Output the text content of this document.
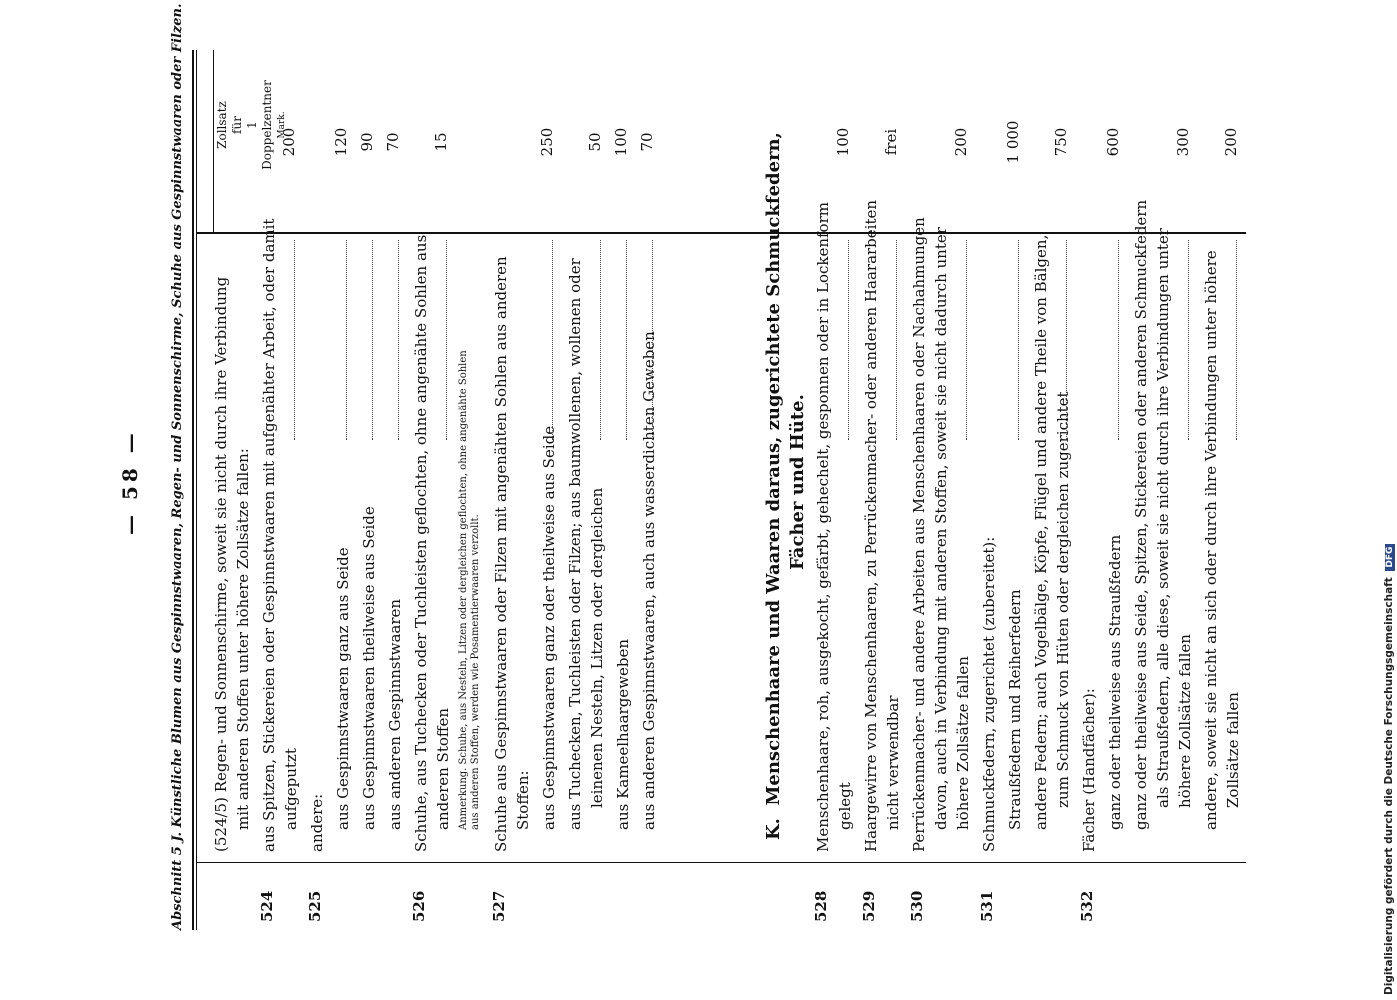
— 58 — Abschnitt 5 J. Künstliche Blumen aus Gespinnstwaaren, Regen- und Sonnenschirme, Schuhe aus Gespinnstwaaren oder Filzen.	Zollsatz für 1 Doppelzentner Mark.
(524/5) Regen- und Sonnenschirme, soweit sie nicht durch ihre Verbindung mit anderen Stoffen unter höhere Zollsätze fallen:
524
aus Spitzen, Stickereien oder Gespinnstwaaren mit aufgenähter Arbeit, oder damit aufgeputzt
200
525
andere: aus Gespinnstwaaren ganz aus Seide
120
aus Gespinnstwaaren theilweise aus Seide
90
aus anderen Gespinnstwaaren
70
526
Schuhe, aus Tuchecken oder Tuchleisten geflochten, ohne angenähte Sohlen aus anderen Stoffen
15
Anmerkung. Schuhe, aus Nesteln, Litzen oder dergleichen geflochten, ohne angenähte Sohlen aus anderen Stoffen, werden wie Posamentierwaaren verzollt.
527
Schuhe aus Gespinnstwaaren oder Filzen mit angenähten Sohlen aus anderen Stoffen: aus Gespinnstwaaren ganz oder theilweise aus Seide
250
aus Tuchecken, Tuchleisten oder Filzen; aus baumwollenen, wollenen oder leinenen Nesteln, Litzen oder dergleichen
50
aus Kameelhaargeweben
100
aus anderen Gespinnstwaaren, auch aus wasserdichten Geweben
70
K.  Menschenhaare und Waaren daraus, zugerichtete Schmuckfedern, Fächer und Hüte.
528
Menschenhaare, roh, ausgekocht, gefärbt, gehechelt, gesponnen oder in Lockenform gelegt
100
529
Haargewirre von Menschenhaaren, zu Perrückenmacher- oder anderen Haararbeiten nicht verwendbar
frei
530
Perrückenmacher- und andere Arbeiten aus Menschenhaaren oder Nachahmungen davon, auch in Verbindung mit anderen Stoffen, soweit sie nicht dadurch unter höhere Zollsätze fallen
200
531
Schmuckfedern, zugerichtet (zubereitet): Straußfedern und Reiherfedern
1 000
andere Federn; auch Vogelbälge, Köpfe, Flügel und andere Theile von Bälgen, zum Schmuck von Hüten oder dergleichen zugerichtet
750
532
Fächer (Handfächer): ganz oder theilweise aus Straußfedern
600
ganz oder theilweise aus Seide, Spitzen, Stickereien oder anderen Schmuckfedern als Straußfedern, alle diese, soweit sie nicht durch ihre Verbindungen unter höhere Zollsätze fallen
300
andere, soweit sie nicht an sich oder durch ihre Verbindungen unter höhere Zollsätze fallen
200
Digitalisierung gefördert durch die Deutsche Forschungsgemeinschaft DFG
